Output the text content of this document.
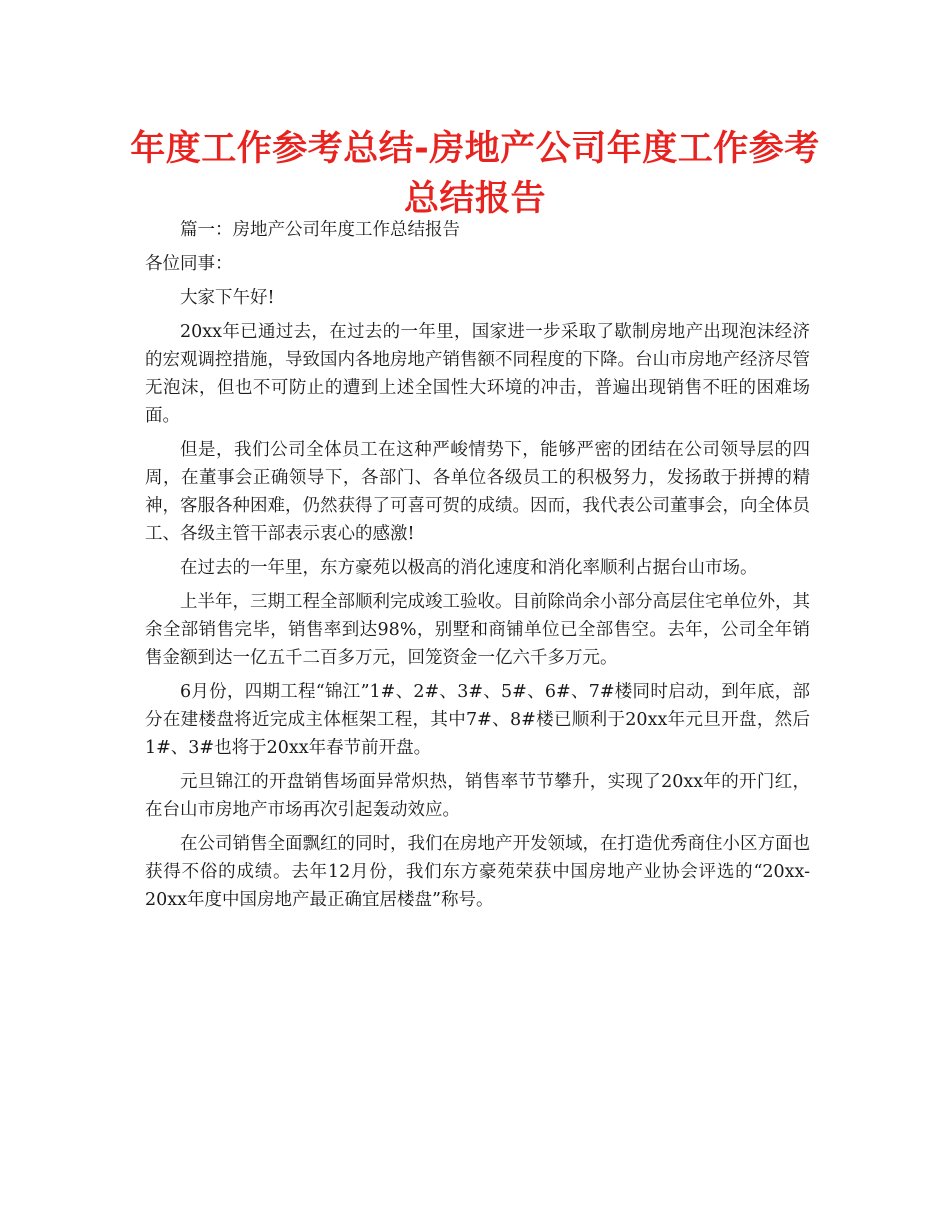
年度工作参考总结-房地产公司年度工作参考总结报告

篇一：房地产公司年度工作总结报告

各位同事：

大家下午好!

20xx年已通过去，在过去的一年里，国家进一步采取了歇制房地产出现泡沫经济的宏观调控措施，导致国内各地房地产销售额不同程度的下降。台山市房地产经济尽管无泡沫，但也不可防止的遭到上述全国性大环境的冲击，普遍出现销售不旺的困难场面。

但是，我们公司全体员工在这种严峻情势下，能够严密的团结在公司领导层的四周，在董事会正确领导下，各部门、各单位各级员工的积极努力，发扬敢于拼搏的精神，客服各种困难，仍然获得了可喜可贺的成绩。因而，我代表公司董事会，向全体员工、各级主管干部表示衷心的感激!

在过去的一年里，东方豪苑以极高的消化速度和消化率顺利占据台山市场。

上半年，三期工程全部顺利完成竣工验收。目前除尚余小部分高层住宅单位外，其余全部销售完毕，销售率到达98%，别墅和商铺单位已全部售空。去年，公司全年销售金额到达一亿五千二百多万元，回笼资金一亿六千多万元。

6月份，四期工程“锦江”1#、2#、3#、5#、6#、7#楼同时启动，到年底，部分在建楼盘将近完成主体框架工程，其中7#、8#楼已顺利于20xx年元旦开盘，然后1#、3#也将于20xx年春节前开盘。

元旦锦江的开盘销售场面异常炽热，销售率节节攀升，实现了20xx年的开门红，在台山市房地产市场再次引起轰动效应。

在公司销售全面飘红的同时，我们在房地产开发领域，在打造优秀商住小区方面也获得不俗的成绩。去年12月份，我们东方豪苑荣获中国房地产业协会评选的“20xx-20xx年度中国房地产最正确宜居楼盘”称号。
